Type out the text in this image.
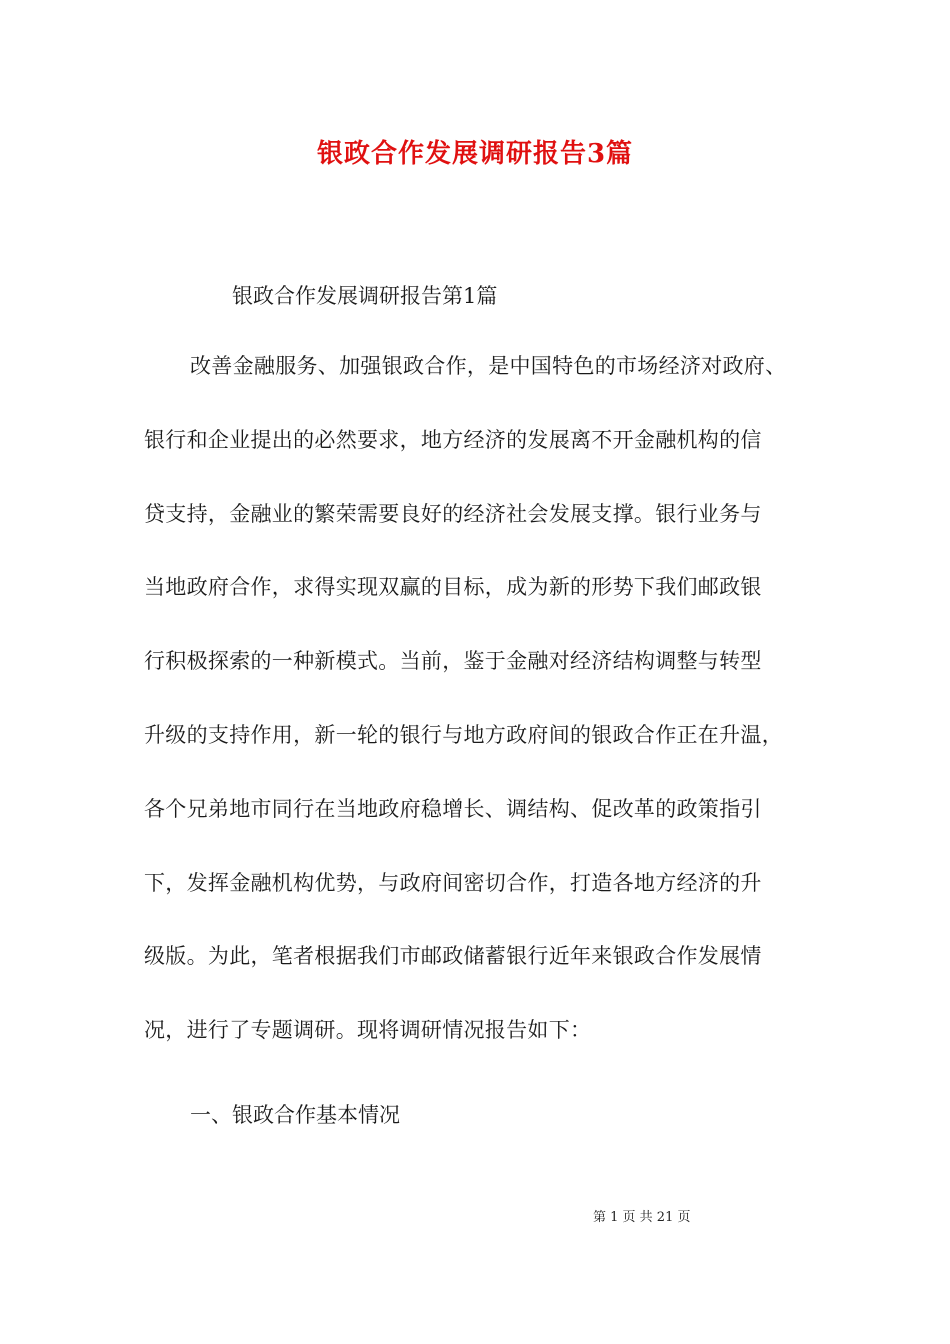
银政合作发展调研报告3篇
银政合作发展调研报告第1篇
改善金融服务、加强银政合作，是中国特色的市场经济对政府、
银行和企业提出的必然要求，地方经济的发展离不开金融机构的信
贷支持，金融业的繁荣需要良好的经济社会发展支撑。银行业务与
当地政府合作，求得实现双赢的目标，成为新的形势下我们邮政银
行积极探索的一种新模式。当前，鉴于金融对经济结构调整与转型
升级的支持作用，新一轮的银行与地方政府间的银政合作正在升温，
各个兄弟地市同行在当地政府稳增长、调结构、促改革的政策指引
下，发挥金融机构优势，与政府间密切合作，打造各地方经济的升
级版。为此，笔者根据我们市邮政储蓄银行近年来银政合作发展情
况，进行了专题调研。现将调研情况报告如下：
一、银政合作基本情况
第 1 页 共 21 页
